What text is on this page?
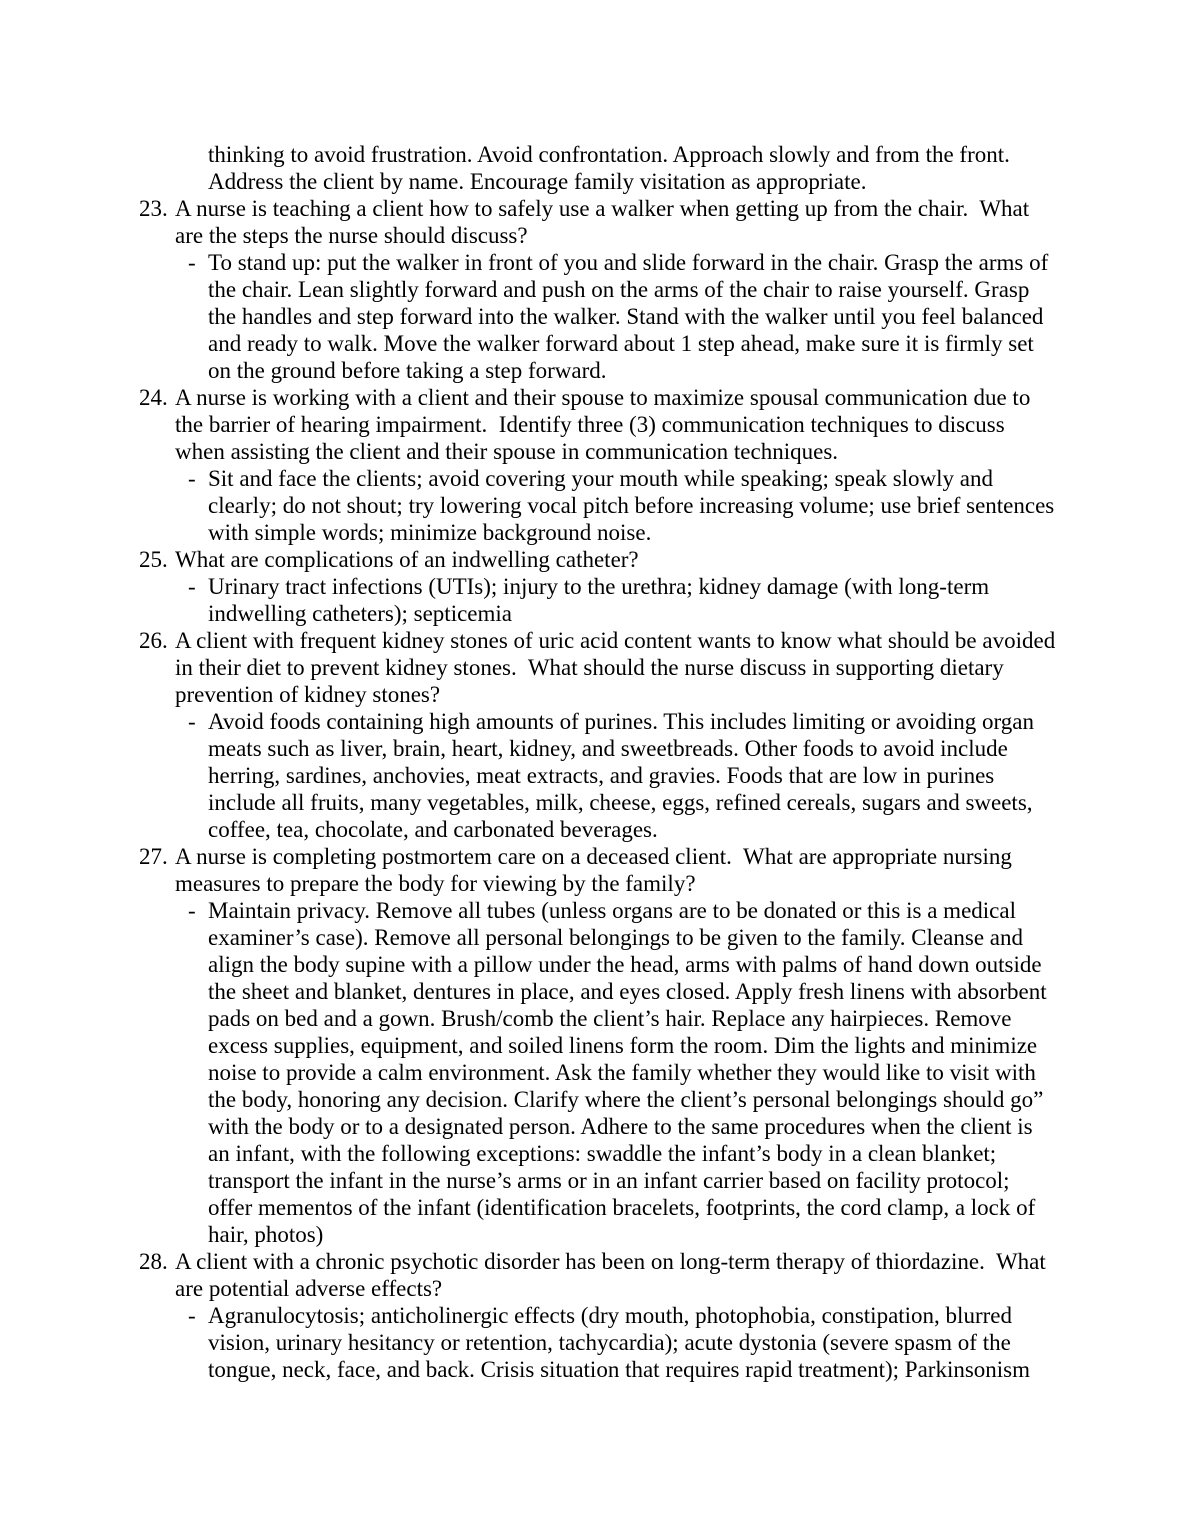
thinking to avoid frustration. Avoid confrontation. Approach slowly and from the front.
Address the client by name. Encourage family visitation as appropriate.
23. A nurse is teaching a client how to safely use a walker when getting up from the chair.  What
are the steps the nurse should discuss?
- To stand up: put the walker in front of you and slide forward in the chair. Grasp the arms of
the chair. Lean slightly forward and push on the arms of the chair to raise yourself. Grasp
the handles and step forward into the walker. Stand with the walker until you feel balanced
and ready to walk. Move the walker forward about 1 step ahead, make sure it is firmly set
on the ground before taking a step forward.
24. A nurse is working with a client and their spouse to maximize spousal communication due to
the barrier of hearing impairment.  Identify three (3) communication techniques to discuss
when assisting the client and their spouse in communication techniques.
- Sit and face the clients; avoid covering your mouth while speaking; speak slowly and
clearly; do not shout; try lowering vocal pitch before increasing volume; use brief sentences
with simple words; minimize background noise.
25. What are complications of an indwelling catheter?
- Urinary tract infections (UTIs); injury to the urethra; kidney damage (with long-term
indwelling catheters); septicemia
26. A client with frequent kidney stones of uric acid content wants to know what should be avoided
in their diet to prevent kidney stones.  What should the nurse discuss in supporting dietary
prevention of kidney stones?
- Avoid foods containing high amounts of purines. This includes limiting or avoiding organ
meats such as liver, brain, heart, kidney, and sweetbreads. Other foods to avoid include
herring, sardines, anchovies, meat extracts, and gravies. Foods that are low in purines
include all fruits, many vegetables, milk, cheese, eggs, refined cereals, sugars and sweets,
coffee, tea, chocolate, and carbonated beverages.
27. A nurse is completing postmortem care on a deceased client.  What are appropriate nursing
measures to prepare the body for viewing by the family?
- Maintain privacy. Remove all tubes (unless organs are to be donated or this is a medical
examiner’s case). Remove all personal belongings to be given to the family. Cleanse and
align the body supine with a pillow under the head, arms with palms of hand down outside
the sheet and blanket, dentures in place, and eyes closed. Apply fresh linens with absorbent
pads on bed and a gown. Brush/comb the client’s hair. Replace any hairpieces. Remove
excess supplies, equipment, and soiled linens form the room. Dim the lights and minimize
noise to provide a calm environment. Ask the family whether they would like to visit with
the body, honoring any decision. Clarify where the client’s personal belongings should go”
with the body or to a designated person. Adhere to the same procedures when the client is
an infant, with the following exceptions: swaddle the infant’s body in a clean blanket;
transport the infant in the nurse’s arms or in an infant carrier based on facility protocol;
offer mementos of the infant (identification bracelets, footprints, the cord clamp, a lock of
hair, photos)
28. A client with a chronic psychotic disorder has been on long-term therapy of thiordazine.  What
are potential adverse effects?
- Agranulocytosis; anticholinergic effects (dry mouth, photophobia, constipation, blurred
vision, urinary hesitancy or retention, tachycardia); acute dystonia (severe spasm of the
tongue, neck, face, and back. Crisis situation that requires rapid treatment); Parkinsonism
